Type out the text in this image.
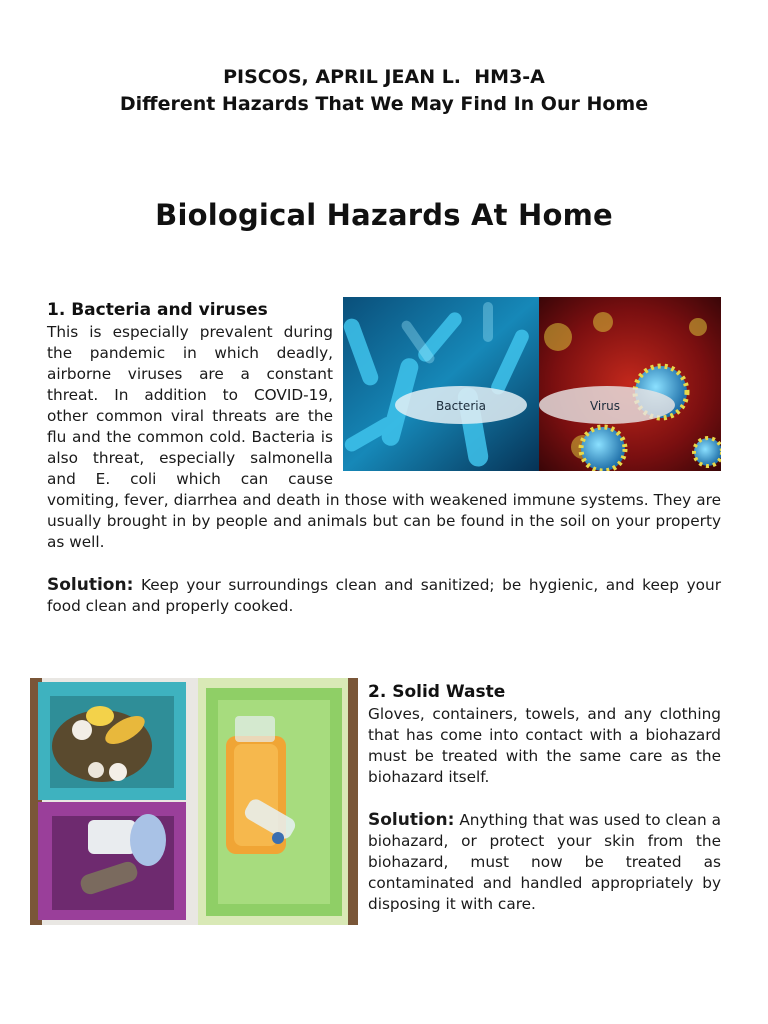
PISCOS, APRIL JEAN L.  HM3-A
Different Hazards That We May Find In Our Home
Biological Hazards At Home
Bacteria	Virus

1. Bacteria and viruses

This is especially prevalent during the pandemic in which deadly, airborne viruses are a constant threat. In addition to COVID-19, other common viral threats are the flu and the common cold. Bacteria is also threat, especially salmonella and E. coli which can cause vomiting, fever, diarrhea and death in those with weakened immune systems. They are usually brought in by people and animals but can be found in the soil on your property as well.

Solution: Keep your surroundings clean and sanitized; be hygienic, and keep your food clean and properly cooked.

2. Solid Waste

Gloves, containers, towels, and any clothing that has come into contact with a biohazard must be treated with the same care as the biohazard itself.

Solution: Anything that was used to clean a biohazard, or protect your skin from the biohazard, must now be treated as contaminated and handled appropriately by disposing it with care.
